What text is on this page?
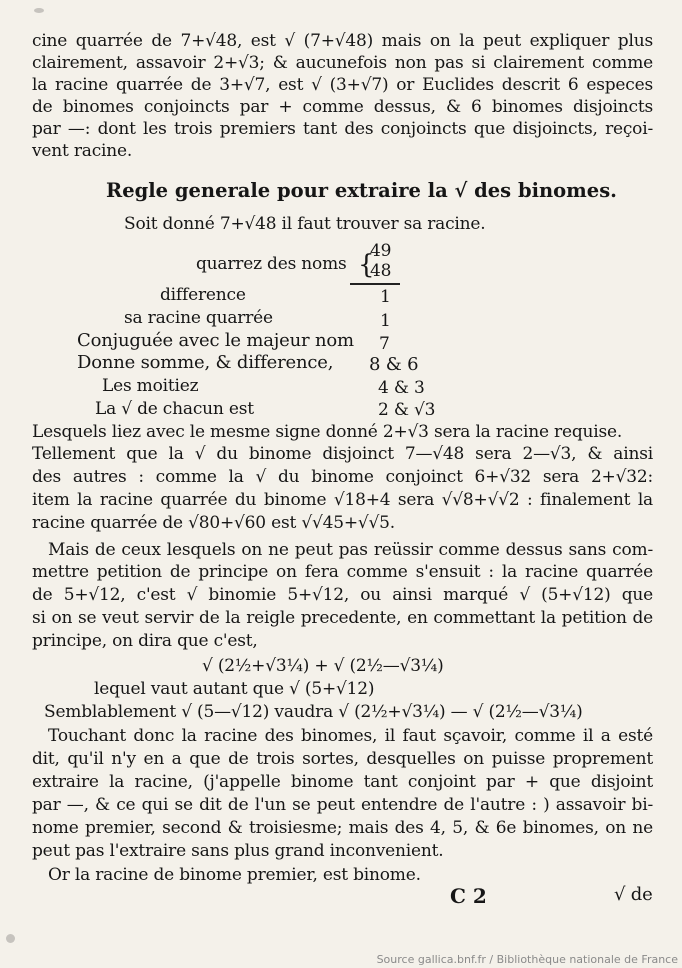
cine quarrée de 7+√48, est √ (7+√48) mais on la peut expliquer plus
clairement, assavoir 2+√3; & aucunefois non pas si clairement comme
la racine quarrée de 3+√7, est √ (3+√7) or Euclides descrit 6 especes
de binomes conjoincts par + comme dessus, & 6 binomes disjoincts
par —: dont les trois premiers tant des conjoincts que disjoincts, reçoi-
vent racine.
Regle generale pour extraire la √ des binomes.
Soit donné 7+√48 il faut trouver sa racine.
quarrez des noms {
49
48
difference	1
sa racine quarrée	1
Conjuguée avec le majeur nom 7
Donne somme, & difference, 8 & 6
Les moitiez	4 & 3
La √ de chacun est	2 & √3
Lesquels liez avec le mesme signe donné 2+√3 sera la racine requise.
Tellement que la √ du binome disjoinct 7—√48 sera 2—√3, & ainsi
des autres : comme la √ du binome conjoinct 6+√32 sera 2+√32:
item la racine quarrée du binome √18+4 sera √√8+√√2 : finalement la
racine quarrée de √80+√60 est √√45+√√5.
Mais de ceux lesquels on ne peut pas reüssir comme dessus sans com-
mettre petition de principe on fera comme s'ensuit : la racine quarrée
de 5+√12, c'est √ binomie 5+√12, ou ainsi marqué √ (5+√12) que
si on se veut servir de la reigle precedente, en commettant la petition de
principe, on dira que c'est,
√ (2½+√3¼) + √ (2½—√3¼)
lequel vaut autant que √ (5+√12)
Semblablement √ (5—√12) vaudra √ (2½+√3¼) — √ (2½—√3¼)
Touchant donc la racine des binomes, il faut sçavoir, comme il a esté
dit, qu'il n'y en a que de trois sortes, desquelles on puisse proprement
extraire la racine, (j'appelle binome tant conjoint par + que disjoint
par —, & ce qui se dit de l'un se peut entendre de l'autre : ) assavoir bi-
nome premier, second & troisiesme; mais des 4, 5, & 6e binomes, on ne
peut pas l'extraire sans plus grand inconvenient.
Or la racine de binome premier, est binome.
C 2	√ de
Source gallica.bnf.fr / Bibliothèque nationale de France
